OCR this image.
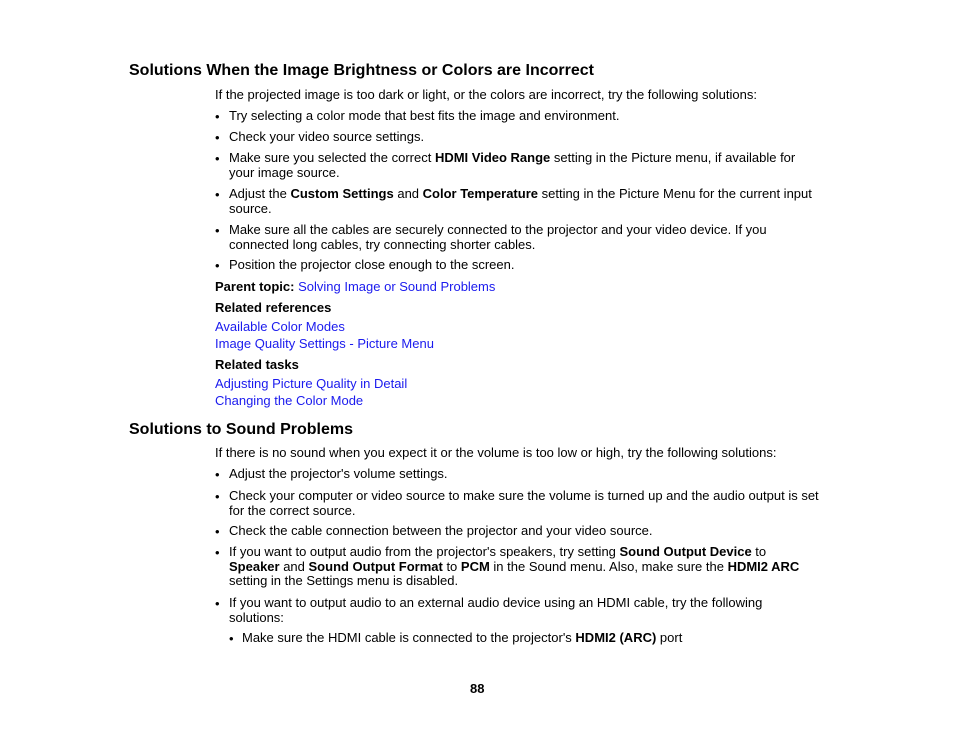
Solutions When the Image Brightness or Colors are Incorrect

If the projected image is too dark or light, or the colors are incorrect, try the following solutions:

• Try selecting a color mode that best fits the image and environment.

• Check your video source settings.

• Make sure you selected the correct HDMI Video Range setting in the Picture menu, if available for
your image source.
• Adjust the Custom Settings and Color Temperature setting in the Picture Menu for the current input
source.
• Make sure all the cables are securely connected to the projector and your video device. If you
connected long cables, try connecting shorter cables.
• Position the projector close enough to the screen.

Parent topic: Solving Image or Sound Problems

Related references

Available Color Modes
Image Quality Settings - Picture Menu

Related tasks

Adjusting Picture Quality in Detail
Changing the Color Mode
Solutions to Sound Problems

If there is no sound when you expect it or the volume is too low or high, try the following solutions:

• Adjust the projector's volume settings.

• Check your computer or video source to make sure the volume is turned up and the audio output is set
for the correct source.
• Check the cable connection between the projector and your video source.

• If you want to output audio from the projector's speakers, try setting Sound Output Device to
Speaker and Sound Output Format to PCM in the Sound menu. Also, make sure the HDMI2 ARC
setting in the Settings menu is disabled.
• If you want to output audio to an external audio device using an HDMI cable, try the following
solutions:
• Make sure the HDMI cable is connected to the projector's HDMI2 (ARC) port
88
